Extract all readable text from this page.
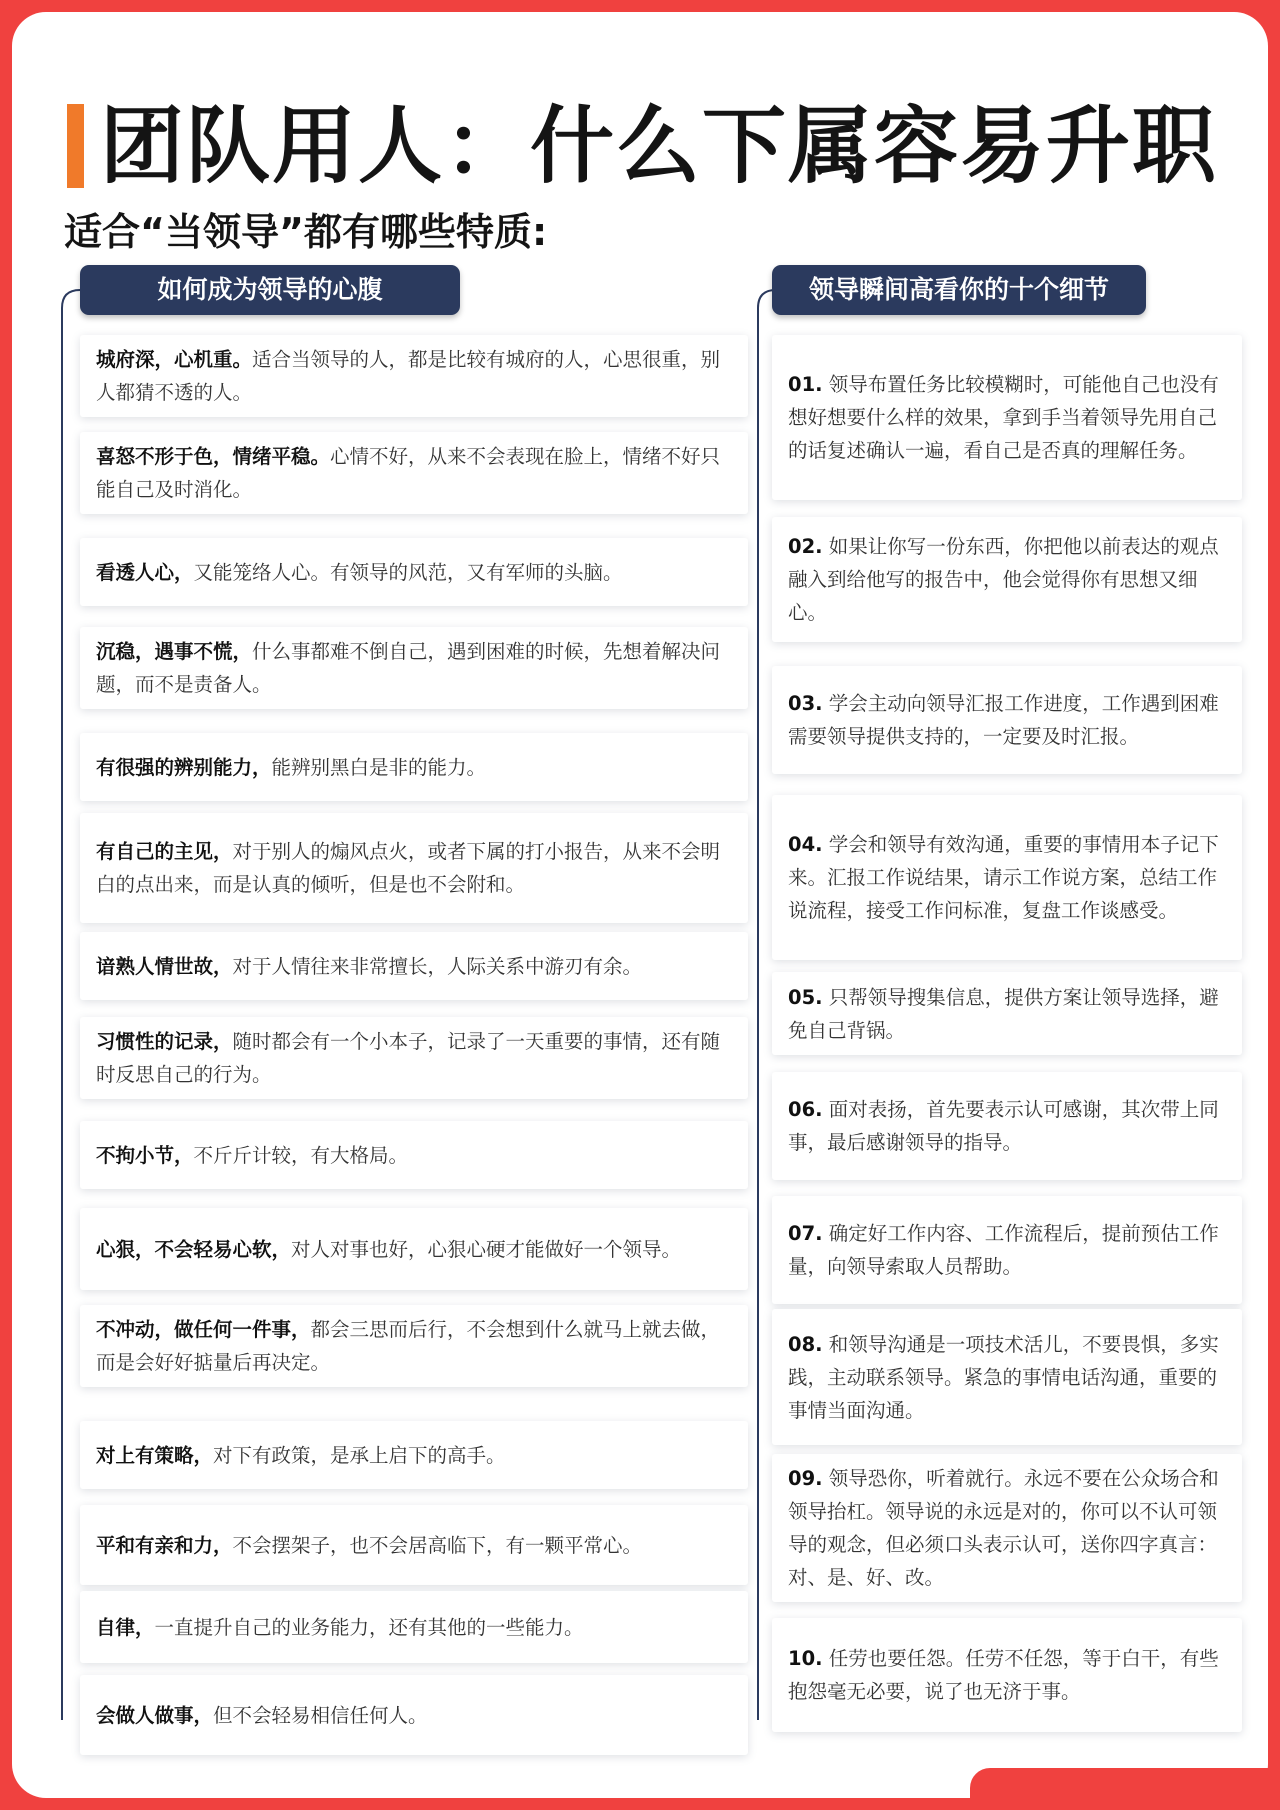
团队用人：什么下属容易升职
适合“当领导”都有哪些特质:
如何成为领导的心腹

城府深，心机重。适合当领导的人，都是比较有城府的人，心思很重，别人都猜不透的人。

喜怒不形于色，情绪平稳。心情不好，从来不会表现在脸上，情绪不好只能自己及时消化。

看透人心，又能笼络人心。有领导的风范，又有军师的头脑。

沉稳，遇事不慌，什么事都难不倒自己，遇到困难的时候，先想着解决问题，而不是责备人。

有很强的辨别能力，能辨别黑白是非的能力。

有自己的主见，对于别人的煽风点火，或者下属的打小报告，从来不会明白的点出来，而是认真的倾听，但是也不会附和。

谙熟人情世故，对于人情往来非常擅长，人际关系中游刃有余。

习惯性的记录，随时都会有一个小本子，记录了一天重要的事情，还有随时反思自己的行为。

不拘小节，不斤斤计较，有大格局。

心狠，不会轻易心软，对人对事也好，心狠心硬才能做好一个领导。

不冲动，做任何一件事，都会三思而后行，不会想到什么就马上就去做，而是会好好掂量后再决定。

对上有策略，对下有政策，是承上启下的高手。

平和有亲和力，不会摆架子，也不会居高临下，有一颗平常心。

自律，一直提升自己的业务能力，还有其他的一些能力。

会做人做事，但不会轻易相信任何人。

领导瞬间高看你的十个细节

01. 领导布置任务比较模糊时，可能他自己也没有想好想要什么样的效果，拿到手当着领导先用自己的话复述确认一遍，看自己是否真的理解任务。

02. 如果让你写一份东西，你把他以前表达的观点融入到给他写的报告中，他会觉得你有思想又细心。

03. 学会主动向领导汇报工作进度，工作遇到困难需要领导提供支持的，一定要及时汇报。

04. 学会和领导有效沟通，重要的事情用本子记下来。汇报工作说结果，请示工作说方案，总结工作说流程，接受工作问标准，复盘工作谈感受。

05. 只帮领导搜集信息，提供方案让领导选择，避免自己背锅。

06. 面对表扬，首先要表示认可感谢，其次带上同事，最后感谢领导的指导。

07. 确定好工作内容、工作流程后，提前预估工作量，向领导索取人员帮助。

08. 和领导沟通是一项技术活儿，不要畏惧，多实践，主动联系领导。紧急的事情电话沟通，重要的事情当面沟通。

09. 领导恐你，听着就行。永远不要在公众场合和领导抬杠。领导说的永远是对的，你可以不认可领导的观念，但必须口头表示认可，送你四字真言：对、是、好、改。

10. 任劳也要任怨。任劳不任怨，等于白干，有些抱怨毫无必要，说了也无济于事。
